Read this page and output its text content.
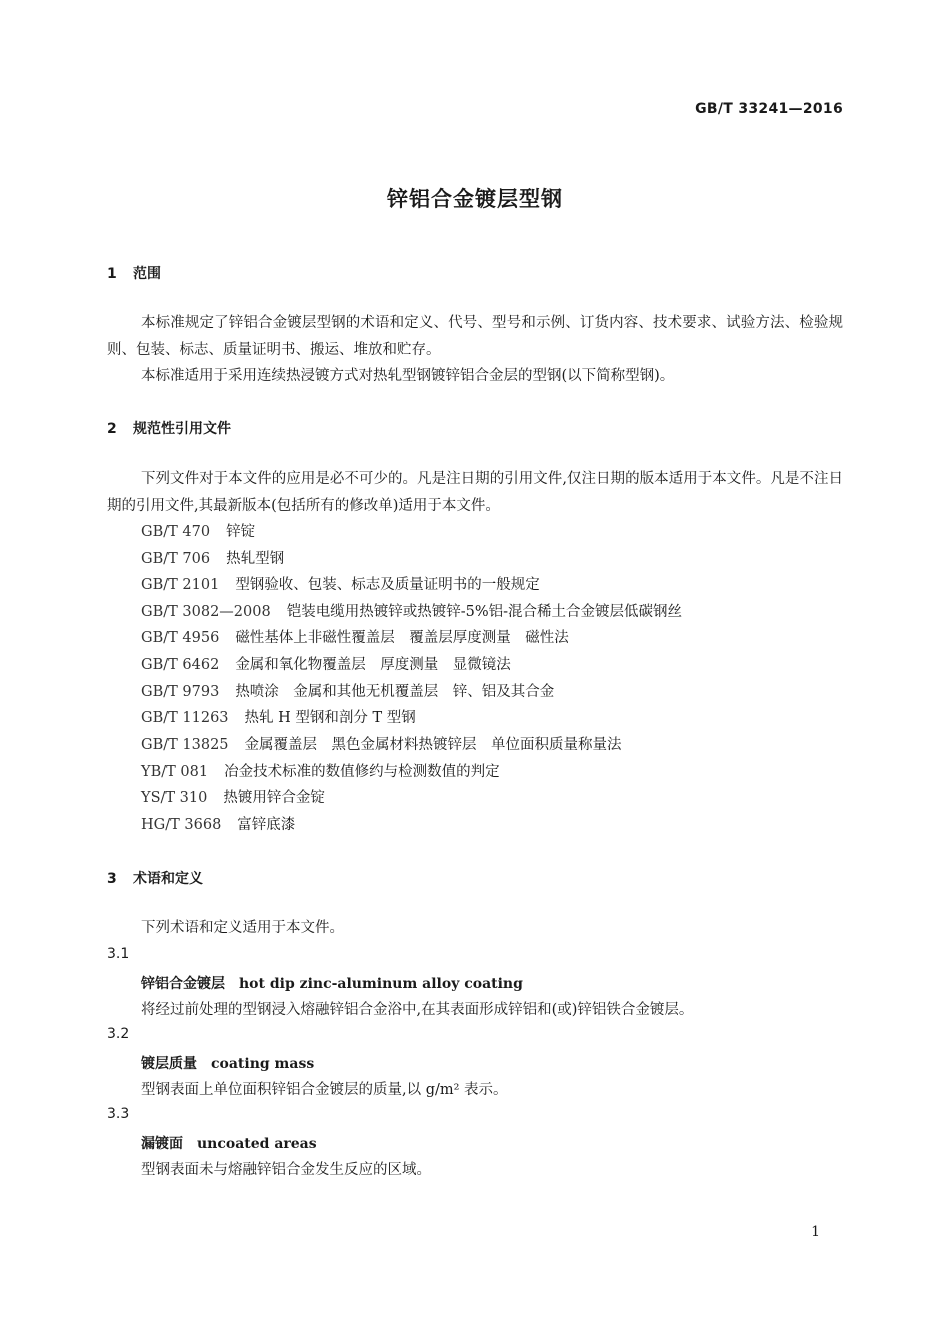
GB/T 33241—2016
锌铝合金镀层型钢
1 范围
本标准规定了锌铝合金镀层型钢的术语和定义、代号、型号和示例、订货内容、技术要求、试验方法、检验规则、包装、标志、质量证明书、搬运、堆放和贮存。
本标准适用于采用连续热浸镀方式对热轧型钢镀锌铝合金层的型钢(以下简称型钢)。
2 规范性引用文件
下列文件对于本文件的应用是必不可少的。凡是注日期的引用文件,仅注日期的版本适用于本文件。凡是不注日期的引用文件,其最新版本(包括所有的修改单)适用于本文件。
GB/T 470 锌锭
GB/T 706 热轧型钢
GB/T 2101 型钢验收、包装、标志及质量证明书的一般规定
GB/T 3082—2008 铠装电缆用热镀锌或热镀锌-5%铝-混合稀土合金镀层低碳钢丝
GB/T 4956 磁性基体上非磁性覆盖层　覆盖层厚度测量　磁性法
GB/T 6462 金属和氧化物覆盖层　厚度测量　显微镜法
GB/T 9793 热喷涂　金属和其他无机覆盖层　锌、铝及其合金
GB/T 11263 热轧 H 型钢和剖分 T 型钢
GB/T 13825 金属覆盖层　黑色金属材料热镀锌层　单位面积质量称量法
YB/T 081 冶金技术标准的数值修约与检测数值的判定
YS/T 310 热镀用锌合金锭
HG/T 3668 富锌底漆
3 术语和定义
下列术语和定义适用于本文件。
3.1
锌铝合金镀层 hot dip zinc-aluminum alloy coating
将经过前处理的型钢浸入熔融锌铝合金浴中,在其表面形成锌铝和(或)锌铝铁合金镀层。
3.2
镀层质量 coating mass
型钢表面上单位面积锌铝合金镀层的质量,以 g/m² 表示。
3.3
漏镀面 uncoated areas
型钢表面未与熔融锌铝合金发生反应的区域。
1
